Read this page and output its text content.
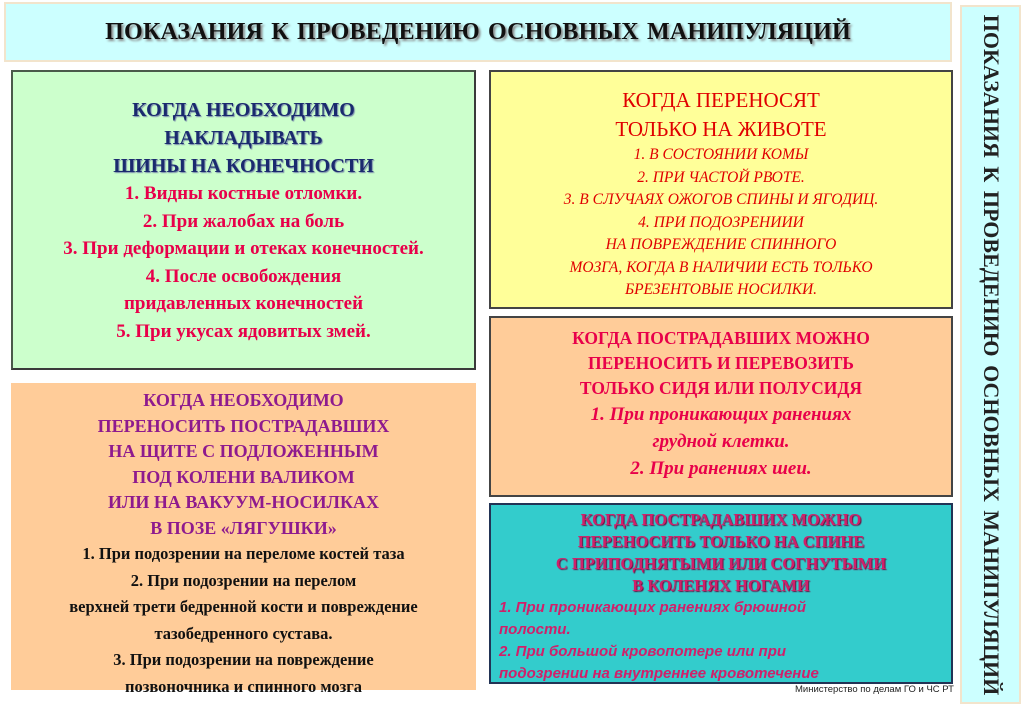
ПОКАЗАНИЯ К ПРОВЕДЕНИЮ ОСНОВНЫХ МАНИПУЛЯЦИЙ	ПОКАЗАНИЯ К ПРОВЕДЕНИЮ ОСНОВНЫХ МАНИПУЛЯЦИЙ
КОГДА НЕОБХОДИМО
НАКЛАДЫВАТЬ
ШИНЫ НА КОНЕЧНОСТИ
1. Видны костные отломки.
2. При жалобах на боль
3. При деформации и отеках конечностей.
4. После освобождения
придавленных конечностей
5. При укусах ядовитых змей.
КОГДА НЕОБХОДИМО
ПЕРЕНОСИТЬ ПОСТРАДАВШИХ
НА ЩИТЕ С ПОДЛОЖЕННЫМ
ПОД КОЛЕНИ ВАЛИКОМ
ИЛИ НА ВАКУУМ-НОСИЛКАХ
В ПОЗЕ «ЛЯГУШКИ»
1. При подозрении на переломе костей таза
2. При подозрении на перелом
верхней трети бедренной кости и повреждение
тазобедренного сустава.
3. При подозрении на повреждение
позвоночника и спинного мозга
КОГДА ПЕРЕНОСЯТ
ТОЛЬКО НА ЖИВОТЕ
1. В СОСТОЯНИИ КОМЫ
2. ПРИ ЧАСТОЙ РВОТЕ.
3. В СЛУЧАЯХ ОЖОГОВ СПИНЫ И ЯГОДИЦ.
4. ПРИ ПОДОЗРЕНИИИ
НА ПОВРЕЖДЕНИЕ СПИННОГО
МОЗГА, КОГДА В НАЛИЧИИ ЕСТЬ ТОЛЬКО
БРЕЗЕНТОВЫЕ НОСИЛКИ.
КОГДА ПОСТРАДАВШИХ МОЖНО
ПЕРЕНОСИТЬ И ПЕРЕВОЗИТЬ
ТОЛЬКО СИДЯ ИЛИ ПОЛУСИДЯ
1. При проникающих ранениях
грудной клетки.
2. При ранениях шеи.
КОГДА ПОСТРАДАВШИХ МОЖНО
ПЕРЕНОСИТЬ ТОЛЬКО НА СПИНЕ
С ПРИПОДНЯТЫМИ ИЛИ СОГНУТЫМИ
В КОЛЕНЯХ НОГАМИ
1. При проникающих ранениях брюшной
полости.
2. При большой кровопотере или при
подозрении на внутреннее кровотечение
Министерство по делам ГО и ЧС РТ
